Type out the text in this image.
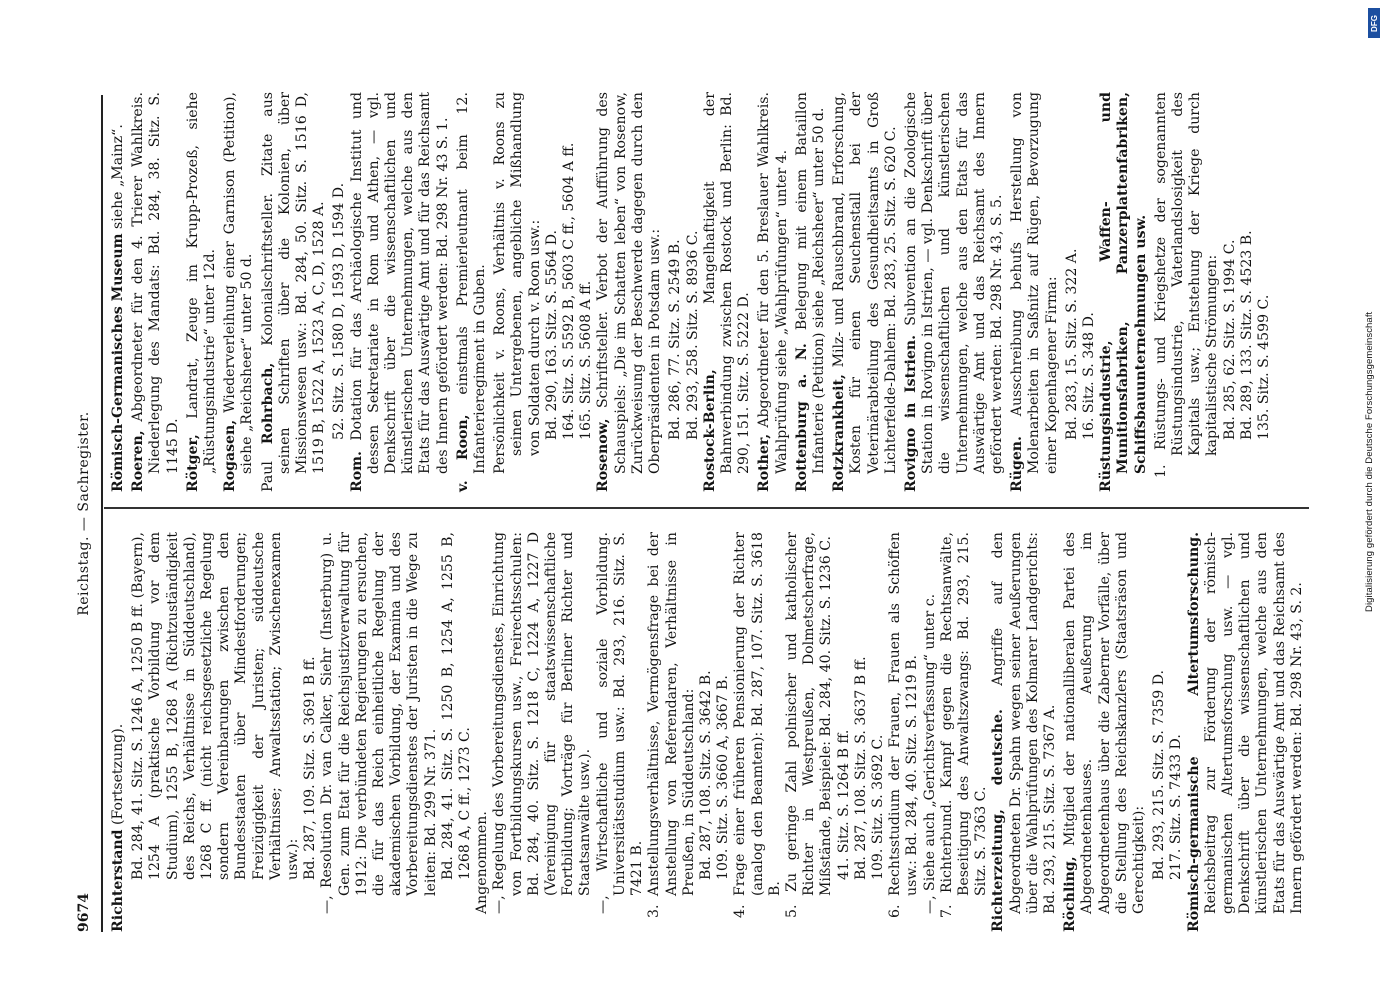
9674
Reichstag. — Sachregister.

Richterstand (Fortsetzung). Bd. 284, 41. Sitz. S. 1246 A, 1250 B ff. (Bayern), 1254 A (praktische Vorbildung vor dem Studium), 1255 B, 1268 A (Richtzuständigkeit des Reichs, Verhältnisse in Süddeutschland), 1268 C ff. (nicht reichsgesetzliche Regelung sondern Vereinbarungen zwischen den Bundesstaaten über Mindestforderungen; Freizügigkeit der Juristen; süddeutsche Verhältnisse; Anwaltsstation; Zwischenexamen usw.): Bd. 287, 109. Sitz. S. 3691 B ff. —, Resolution Dr. van Calker, Siehr (Insterburg) u. Gen. zum Etat für die Reichsjustizverwaltung für 1912: Die verbündeten Regierungen zu ersuchen, die für das Reich einheitliche Regelung der akademischen Vorbildung, der Examina und des Vorbereitungsdienstes der Juristen in die Wege zu leiten: Bd. 299 Nr. 371. Bd. 284, 41. Sitz. S. 1250 B, 1254 A, 1255 B, 1268 A, C ff., 1273 C. Angenommen. —, Regelung des Vorbereitungsdienstes, Einrichtung von Fortbildungskursen usw., Freirechtsschulen: Bd. 284, 40. Sitz. S. 1218 C, 1224 A, 1227 D (Vereinigung für staatswissenschaftliche Fortbildung; Vorträge für Berliner Richter und Staatsanwälte usw.). —, Wirtschaftliche und soziale Vorbildung. Universitätsstudium usw.: Bd. 293, 216. Sitz. S. 7421 B. 3. Anstellungsverhältnisse, Vermögensfrage bei der Anstellung von Referendaren, Verhältnisse in Preußen, in Süddeutschland: Bd. 287, 108. Sitz. S. 3642 B. 109. Sitz. S. 3660 A, 3667 B. 4. Frage einer früheren Pensionierung der Richter (analog den Beamten): Bd. 287, 107. Sitz. S. 3618 B. 5. Zu geringe Zahl polnischer und katholischer Richter in Westpreußen, Dolmetscherfrage, Mißstände, Beispiele: Bd. 284, 40. Sitz. S. 1236 C. 41. Sitz. S. 1264 B ff. Bd. 287, 108. Sitz. S. 3637 B ff. 109. Sitz. S. 3692 C. 6. Rechtsstudium der Frauen, Frauen als Schöffen usw.: Bd. 284, 40. Sitz. S. 1219 B. —, Siehe auch „Gerichtsverfassung“ unter c. 7. Richterbund. Kampf gegen die Rechtsanwälte, Beseitigung des Anwaltszwangs: Bd. 293, 215. Sitz. S. 7363 C. Richterzeitung, deutsche. Angriffe auf den Abgeordneten Dr. Spahn wegen seiner Aeußerungen über die Wahlprüfungen des Kolmarer Landgerichts: Bd. 293, 215. Sitz. S. 7367 A. Röchling, Mitglied der nationalliberalen Partei des Abgeordnetenhauses. Aeußerung im Abgeordnetenhaus über die Zaberner Vorfälle, über die Stellung des Reichskanzlers (Staatsräson und Gerechtigkeit): Bd. 293, 215. Sitz. S. 7359 D. 217. Sitz. S. 7433 D. Römisch-germanische Altertumsforschung. Reichsbeitrag zur Förderung der römisch-germanischen Altertumsforschung usw. — vgl. Denkschrift über die wissenschaftlichen und künstlerischen Unternehmungen, welche aus den Etats für das Auswärtige Amt und das Reichsamt des Innern gefördert werden: Bd. 298 Nr. 43, S. 2.

Römisch-Germanisches Museum siehe „Mainz“.

Roeren, Abgeordneter für den 4. Trierer Wahlkreis. Niederlegung des Mandats: Bd. 284, 38. Sitz. S. 1145 D. Rötger, Landrat, Zeuge im Krupp-Prozeß, siehe „Rüstungsindustrie“ unter 12d. Rogasen, Wiederverleihung einer Garnison (Petition), siehe „Reichsheer“ unter 50 d. Paul Rohrbach, Kolonialschriftsteller. Zitate aus seinen Schriften über die Kolonien, über Missionswesen usw.: Bd. 284, 50. Sitz. S. 1516 D, 1519 B, 1522 A, 1523 A, C, D, 1528 A. 52. Sitz. S. 1580 D, 1593 D, 1594 D.

Rom. Dotation für das Archäologische Institut und dessen Sekretariate in Rom und Athen, — vgl. Denkschrift über die wissenschaftlichen und künstlerischen Unternehmungen, welche aus den Etats für das Auswärtige Amt und für das Reichsamt des Innern gefördert werden: Bd. 298 Nr. 43 S. 1. v. Roon, einstmals Premierleutnant beim 12. Infanterieregiment in Guben. Persönlichkeit v. Roons, Verhältnis v. Roons zu seinen Untergebenen, angebliche Mißhandlung von Soldaten durch v. Roon usw.: Bd. 290, 163. Sitz. S. 5564 D. 164. Sitz. S. 5592 B, 5603 C ff., 5604 A ff. 165. Sitz. S. 5608 A ff.

Rosenow, Schriftsteller. Verbot der Aufführung des Schauspiels: „Die im Schatten leben“ von Rosenow, Zurückweisung der Beschwerde dagegen durch den Oberpräsidenten in Potsdam usw.: Bd. 286, 77. Sitz. S. 2549 B. Bd. 293, 258. Sitz. S. 8936 C. Rostock-Berlin, Mangelhaftigkeit der Bahnverbindung zwischen Rostock und Berlin: Bd. 290, 151. Sitz. S. 5222 D. Rother, Abgeordneter für den 5. Breslauer Wahlkreis. Wahlprüfung siehe „Wahlprüfungen“ unter 4. Rottenburg a. N. Belegung mit einem Bataillon Infanterie (Petition) siehe „Reichsheer“ unter 50 d. Rotzkrankheit, Milz- und Rauschbrand, Erforschung, Kosten für einen Seuchenstall bei der Veterinärabteilung des Gesundheitsamts in Groß Lichterfelde-Dahlem: Bd. 283, 25. Sitz. S. 620 C. Rovigno in Istrien. Subvention an die Zoologische Station in Rovigno in Istrien, — vgl. Denkschrift über die wissenschaftlichen und künstlerischen Unternehmungen, welche aus den Etats für das Auswärtige Amt und das Reichsamt des Innern gefördert werden: Bd. 298 Nr. 43, S. 5. Rügen. Ausschreibung behufs Herstellung von Molenarbeiten in Saßnitz auf Rügen, Bevorzugung einer Kopenhagener Firma: Bd. 283, 15. Sitz. S. 322 A. 16. Sitz. S. 348 D. Rüstungsindustrie, Waffen- und Munitionsfabriken, Panzerplattenfabriken, Schiffsbauunternehmungen usw. 1. Rüstungs- und Kriegshetze der sogenannten Rüstungsindustrie, Vaterlandslosigkeit des Kapitals usw.; Entstehung der Kriege durch kapitalistische Strömungen: Bd. 285, 62. Sitz. S. 1994 C. Bd. 289, 133. Sitz. S. 4523 B. 135. Sitz. S. 4599 C.

DFG
Digitalisierung gefördert durch die Deutsche Forschungsgemeinschaft
